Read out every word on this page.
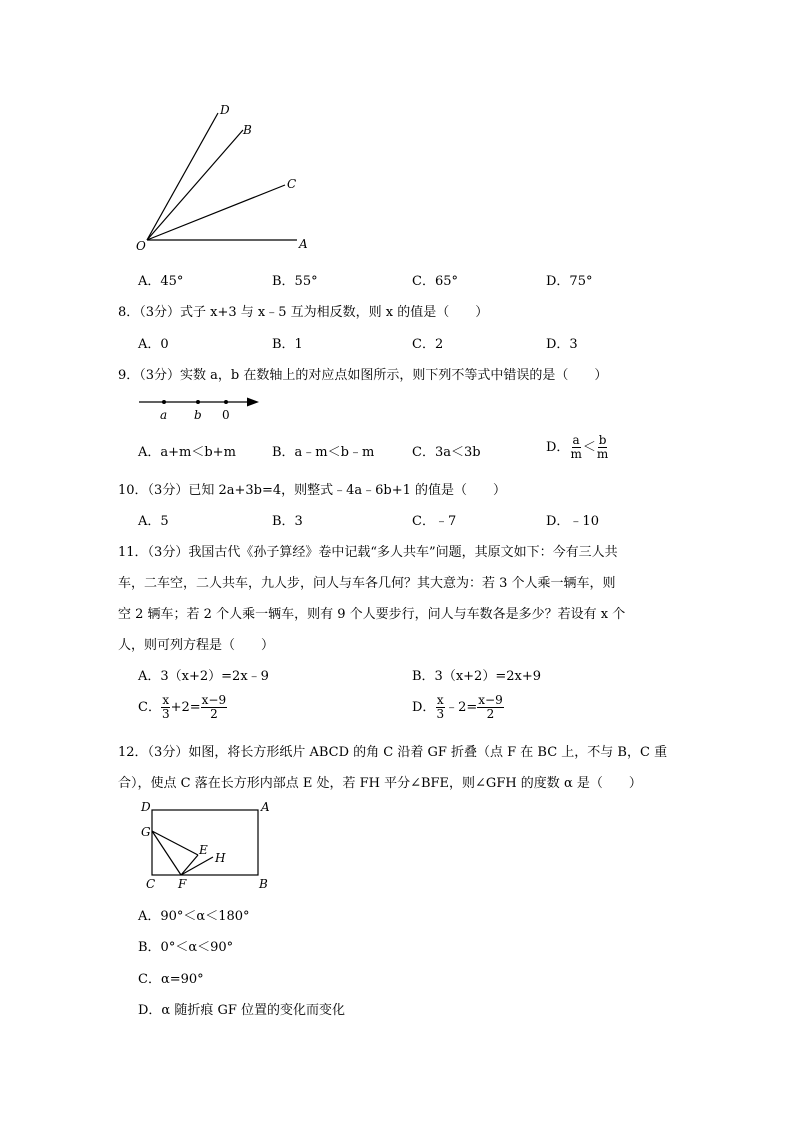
D
B
C
O	A
A．45°	B．55°	C．65°	D．75°
8．（3分）式子 x+3 与 x﹣5 互为相反数，则 x 的值是（　　）
A．0	B．1	C．2	D．3
9．（3分）实数 a，b 在数轴上的对应点如图所示，则下列不等式中错误的是（　　）
a b 0
A．a+m＜b+m	B．a﹣m＜b﹣m	C．3a＜3b	D． $\frac{a}{m} < \frac{b}{m}$
10．（3分）已知 2a+3b=4，则整式﹣4a﹣6b+1 的值是（　　）
A．5	B．3	C．﹣7	D．﹣10
11．（3分）我国古代《孙子算经》卷中记载“多人共车”问题，其原文如下：今有三人共
车，二车空，二人共车，九人步，问人与车各几何？其大意为：若 3 个人乘一辆车，则
空 2 辆车；若 2 个人乘一辆车，则有 9 个人要步行，问人与车数各是多少？若设有 x 个
人，则可列方程是（　　）
A．3（x+2）=2x﹣9	B．3（x+2）=2x+9
C． $\frac{x}{3} +2= \frac{x-9}{2}$	D． $\frac{x}{3}$ ﹣2= $\frac{x-9}{2}$
12．（3分）如图，将长方形纸片 ABCD 的角 C 沿着 GF 折叠（点 F 在 BC 上，不与 B，C 重
合），使点 C 落在长方形内部点 E 处，若 FH 平分∠BFE，则∠GFH 的度数 α 是（　　）
D	A
G
E
H
C F	B
A．90°＜α＜180°
B．0°＜α＜90°
C．α=90°
D．α 随折痕 GF 位置的变化而变化
